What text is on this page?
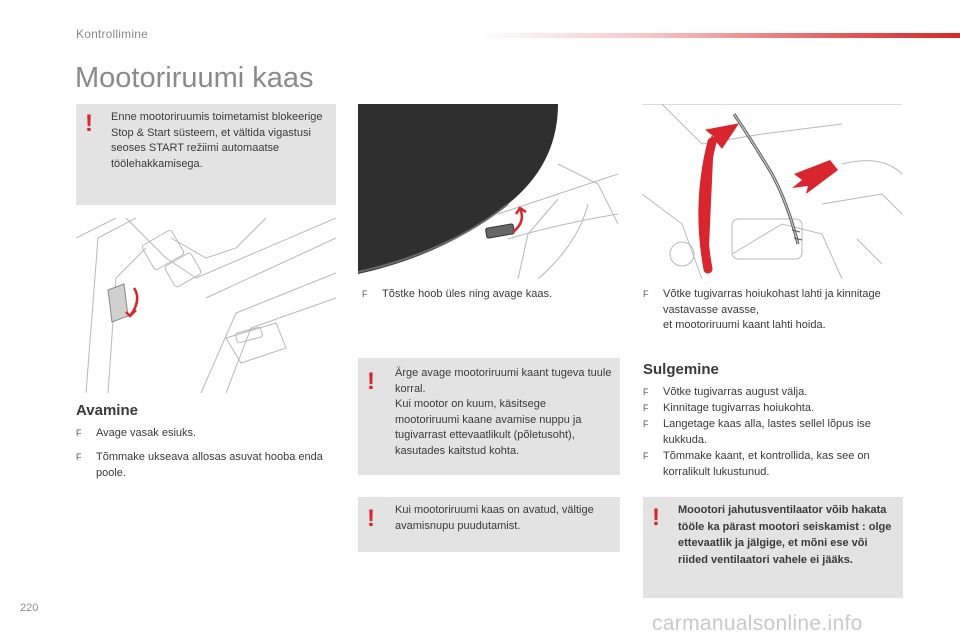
Kontrollimine
Mootoriruumi kaas
! Enne mootoriruumis toimetamist blokeerige Stop & Start süsteem, et vältida vigastusi seoses START režiimi automaatse töölehakkamisega.

Avamine
F	Avage vasak esiuks.
F	Tõmmake ukseava allosas asuvat hooba enda poole.
F	Tõstke hoob üles ning avage kaas.
! Ärge avage mootoriruumi kaant tugeva tuule korral.
Kui mootor on kuum, käsitsege mootoriruumi kaane avamise nuppu ja tugivarrast ettevaatlikult (põletusoht), kasutades kaitstud kohta.

! Kui mootoriruumi kaas on avatud, vältige avamisnupu puudutamist.

F	Võtke tugivarras hoiukohast lahti ja kinnitage vastavasse avasse,
et mootoriruumi kaant lahti hoida.
Sulgemine
F	Võtke tugivarras august välja.
F	Kinnitage tugivarras hoiukohta.
F	Langetage kaas alla, lastes sellel lõpus ise kukkuda.
F	Tõmmake kaant, et kontrollida, kas see on korralikult lukustunud.
! Moootori jahutusventilaator võib hakata tööle ka pärast mootori seiskamist : olge ettevaatlik ja jälgige, et mõni ese või riided ventilaatori vahele ei jääks.

220
carmanualsonline.info
